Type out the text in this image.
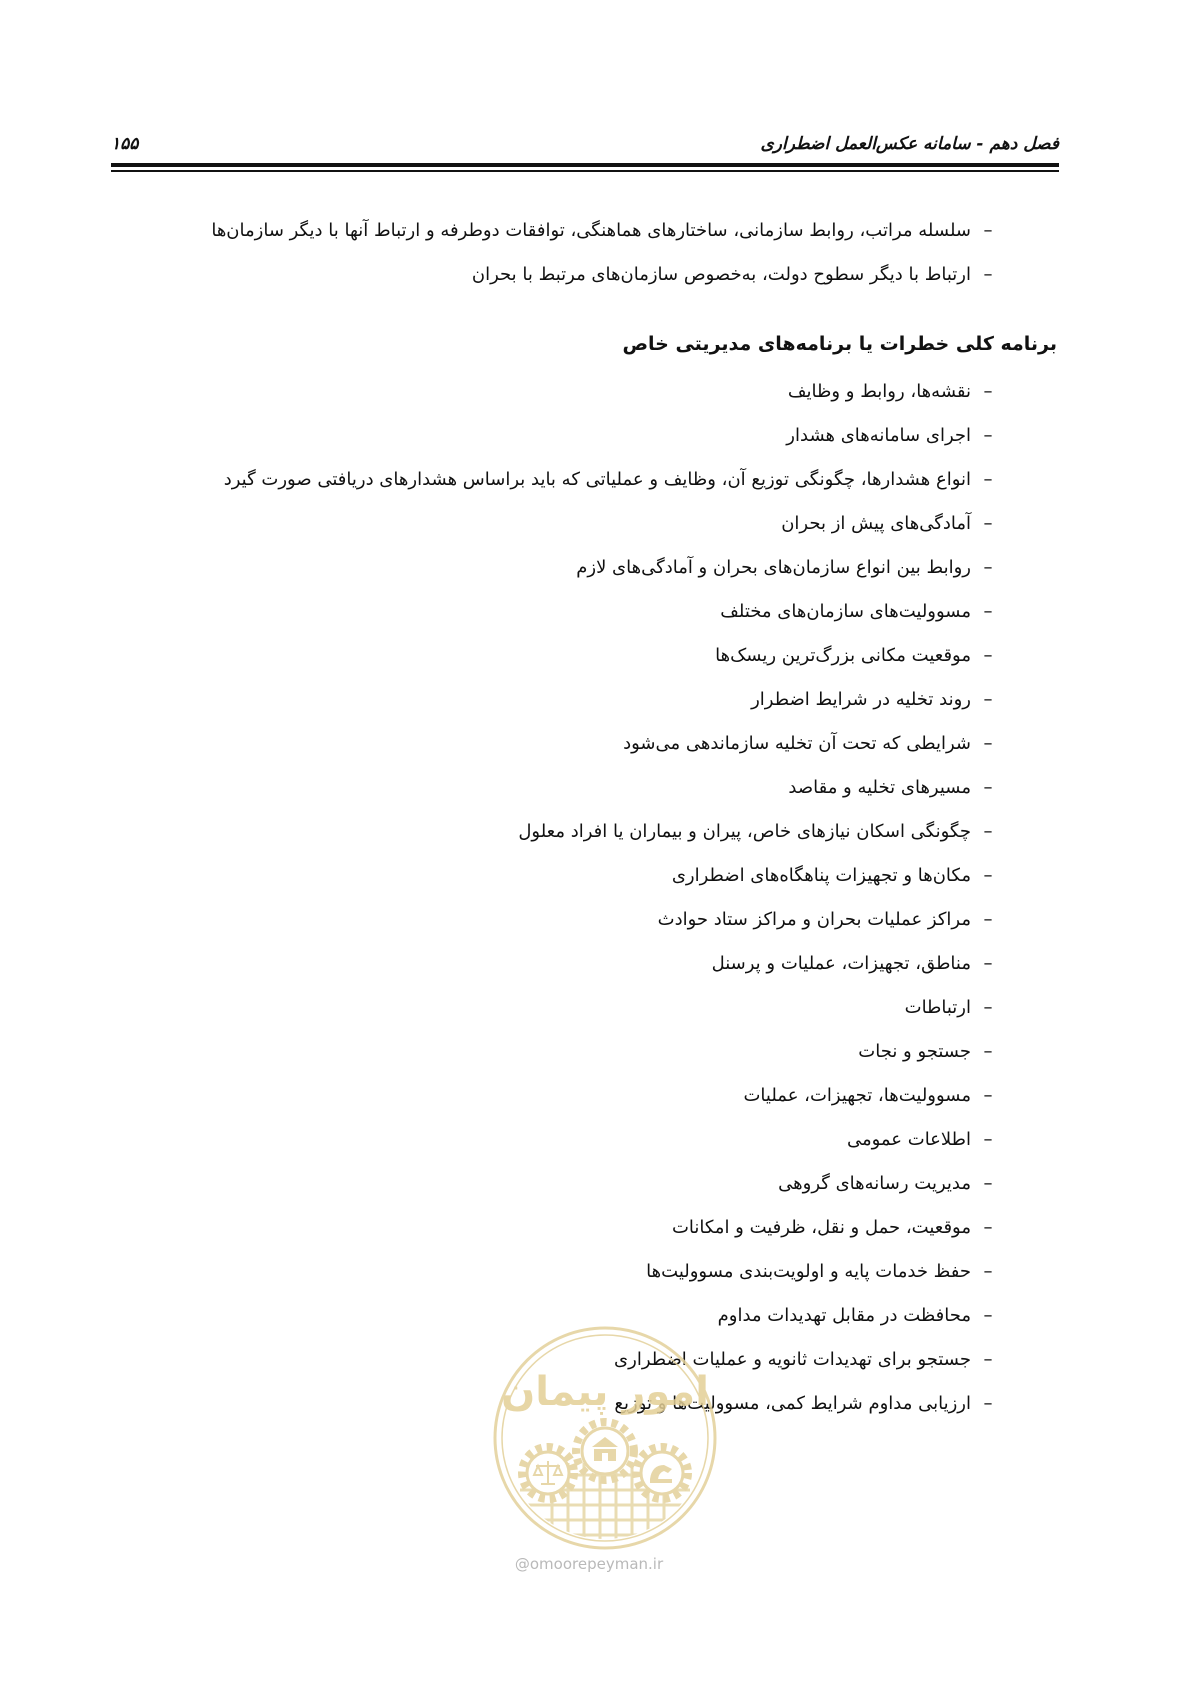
فصل دهم - سامانه عکس‌العمل اضطراری
۱۵۵
–
سلسله مراتب، روابط سازمانی، ساختارهای هماهنگی، توافقات دوطرفه و ارتباط آنها با دیگر سازمان‌ها
–
ارتباط با دیگر سطوح دولت، به‌خصوص سازمان‌های مرتبط با بحران
برنامه کلی خطرات یا برنامه‌های مدیریتی خاص
–
نقشه‌ها، روابط و وظایف
–
اجرای سامانه‌های هشدار
–
انواع هشدارها، چگونگی توزیع آن، وظایف و عملیاتی که باید براساس هشدارهای دریافتی صورت گیرد
–
آمادگی‌های پیش از بحران
–
روابط بین انواع سازمان‌های بحران و آمادگی‌های لازم
–
مسوولیت‌های سازمان‌های مختلف
–
موقعیت مکانی بزرگ‌ترین ریسک‌ها
–
روند تخلیه در شرایط اضطرار
–
شرایطی که تحت آن تخلیه سازماندهی می‌شود
–
مسیرهای تخلیه و مقاصد
–
چگونگی اسکان نیازهای خاص، پیران و بیماران یا افراد معلول
–
مکان‌ها و تجهیزات پناهگاه‌های اضطراری
–
مراکز عملیات بحران و مراکز ستاد حوادث
–
مناطق، تجهیزات، عملیات و پرسنل
–
ارتباطات
–
جستجو و نجات
–
مسوولیت‌ها، تجهیزات، عملیات
–
اطلاعات عمومی
–
مدیریت رسانه‌های گروهی
–
موقعیت، حمل و نقل، ظرفیت و امکانات
–
حفظ خدمات پایه و اولویت‌بندی مسوولیت‌ها
–
محافظت در مقابل تهدیدات مداوم
–
جستجو برای تهدیدات ثانویه و عملیات اضطراری
–
ارزیابی مداوم شرایط کمی، مسوولیت‌ها و توزیع
امور پیمان
@omoorepeyman.ir
